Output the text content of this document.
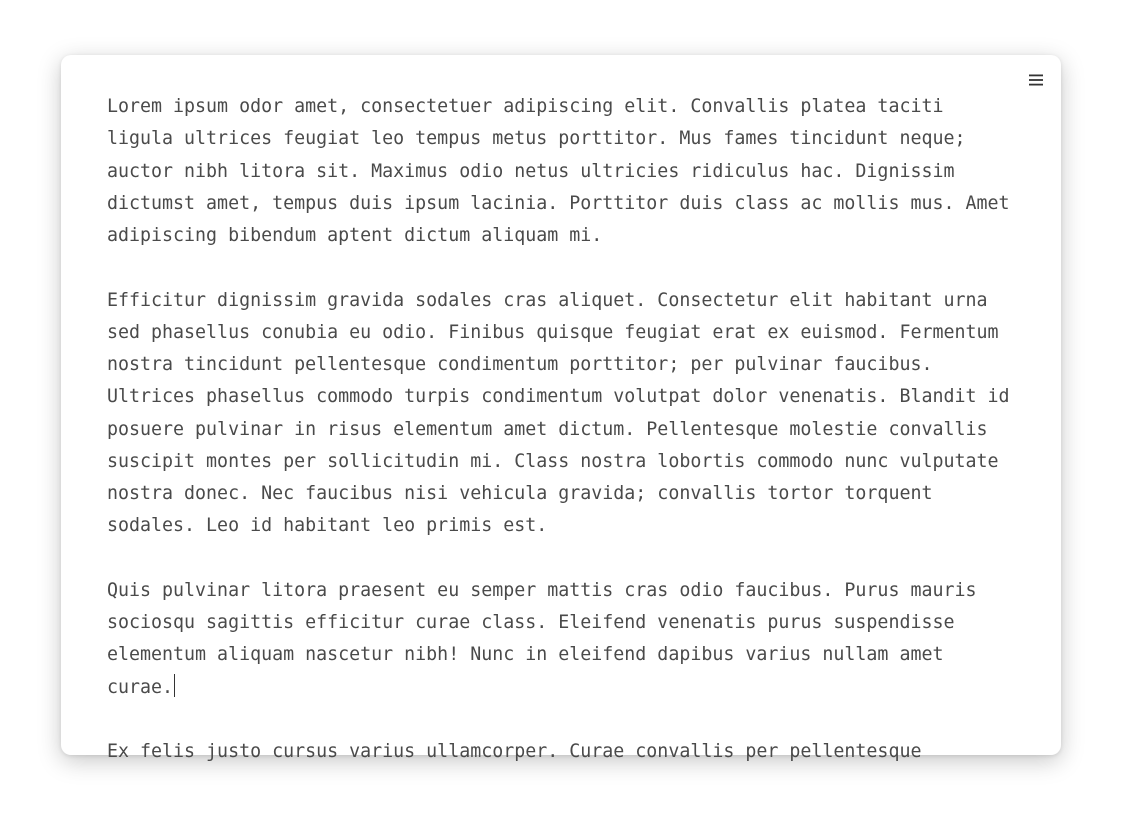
Lorem ipsum odor amet, consectetuer adipiscing elit. Convallis platea taciti ligula ultrices feugiat leo tempus metus porttitor. Mus fames tincidunt neque; auctor nibh litora sit. Maximus odio netus ultricies ridiculus hac. Dignissim dictumst amet, tempus duis ipsum lacinia. Porttitor duis class ac mollis mus. Amet adipiscing bibendum aptent dictum aliquam mi.

Efficitur dignissim gravida sodales cras aliquet. Consectetur elit habitant urna sed phasellus conubia eu odio. Finibus quisque feugiat erat ex euismod. Fermentum nostra tincidunt pellentesque condimentum porttitor; per pulvinar faucibus. Ultrices phasellus commodo turpis condimentum volutpat dolor venenatis. Blandit id posuere pulvinar in risus elementum amet dictum. Pellentesque molestie convallis suscipit montes per sollicitudin mi. Class nostra lobortis commodo nunc vulputate nostra donec. Nec faucibus nisi vehicula gravida; convallis tortor torquent sodales. Leo id habitant leo primis est.

Quis pulvinar litora praesent eu semper mattis cras odio faucibus. Purus mauris sociosqu sagittis efficitur curae class. Eleifend venenatis purus suspendisse elementum aliquam nascetur nibh! Nunc in eleifend dapibus varius nullam amet curae.

Ex felis justo cursus varius ullamcorper. Curae convallis per pellentesque
